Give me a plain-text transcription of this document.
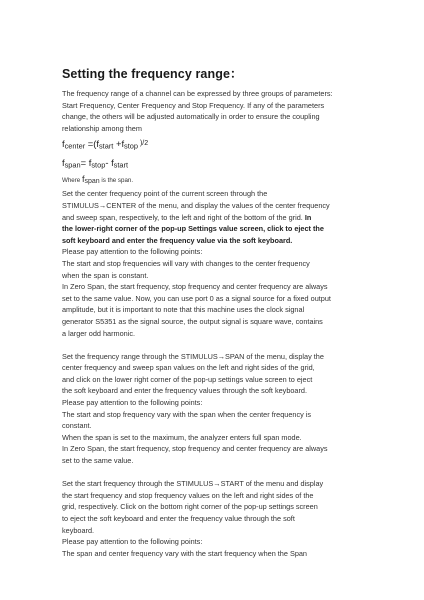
Setting the frequency range：

The frequency range of a channel can be expressed by three groups of parameters:

Start Frequency, Center Frequency and Stop Frequency. If any of the parameters

change, the others will be adjusted automatically in order to ensure the coupling

relationship among them

$f_{center} =(f_{start} +f_{stop}$ $^{)/2}$
$f_{span}= f_{stop}-$ $f_{start}$
Where $f_{span}$ is the span.

Set the center frequency point of the current screen through the

STIMULUS→CENTER of the menu, and display the values of the center frequency

and sweep span, respectively, to the left and right of the bottom of the grid. In

the lower-right corner of the pop-up Settings value screen, click to eject the

soft keyboard and enter the frequency value via the soft keyboard.

Please pay attention to the following points:

The start and stop frequencies will vary with changes to the center frequency

when the span is constant.

In Zero Span, the start frequency, stop frequency and center frequency are always

set to the same value. Now, you can use port 0 as a signal source for a fixed output

amplitude, but it is important to note that this machine uses the clock signal

generator S5351 as the signal source, the output signal is square wave, contains

a larger odd harmonic.

Set the frequency range through the STIMULUS→SPAN of the menu, display the

center frequency and sweep span values on the left and right sides of the grid,

and click on the lower right corner of the pop-up settings value screen to eject

the soft keyboard and enter the frequency values through the soft keyboard.

Please pay attention to the following points:

The start and stop frequency vary with the span when the center frequency is

constant.

When the span is set to the maximum, the analyzer enters full span mode.

In Zero Span, the start frequency, stop frequency and center frequency are always

set to the same value.

Set the start frequency through the STIMULUS→START of the menu and display

the start frequency and stop frequency values on the left and right sides of the

grid, respectively. Click on the bottom right corner of the pop-up settings screen

to eject the soft keyboard and enter the frequency value through the soft

keyboard.

Please pay attention to the following points:

The span and center frequency vary with the start frequency when the Span
